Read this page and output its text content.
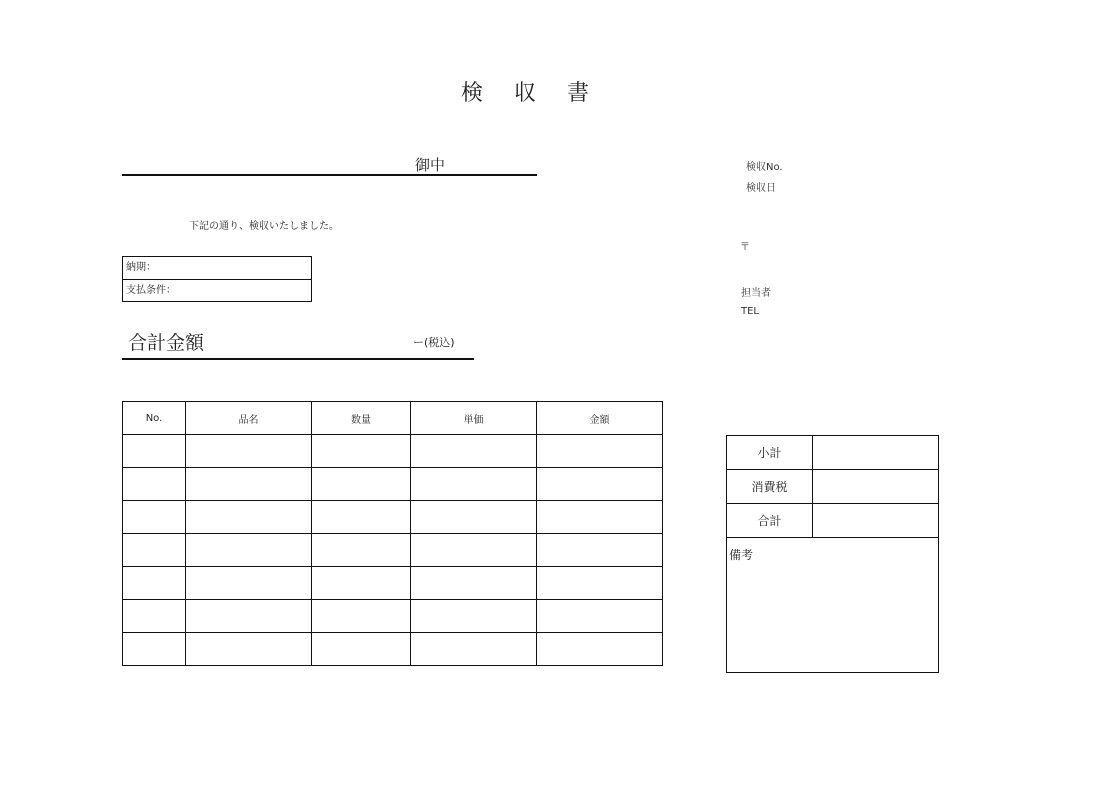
検 収 書
御中
下記の通り、検収いたしました。
納期：
支払条件：
合計金額	ー(税込)
検収No.
検収日
〒
担当者
TEL
No.	品名	数量	単価	金額

小計
消費税
合計
備考
